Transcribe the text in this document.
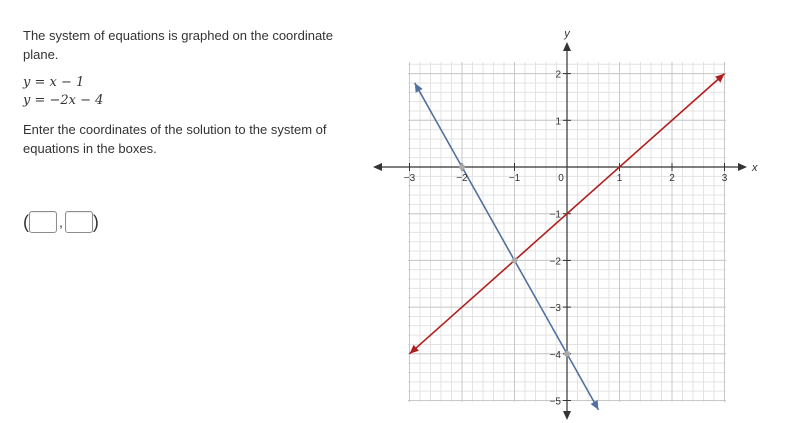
The system of equations is graphed on the coordinate plane.

y = x − 1
y = −2x − 4

Enter the coordinates of the solution to the system of equations in the boxes.

( , )
−3	−2	−1	0	1	2	3
2
1
−1
−2
−3
−4
−5
x
y
